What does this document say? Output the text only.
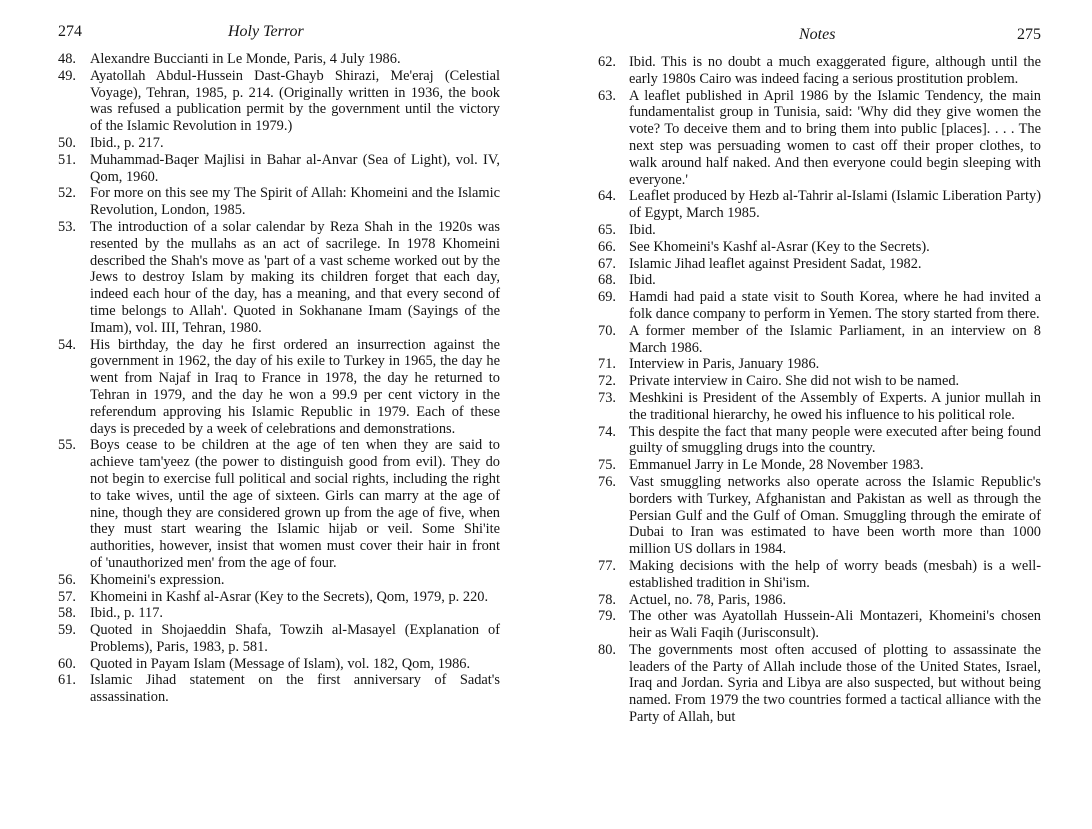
274	Holy Terror
48. Alexandre Buccianti in Le Monde, Paris, 4 July 1986.
49. Ayatollah Abdul-Hussein Dast-Ghayb Shirazi, Me'eraj (Celestial Voyage), Tehran, 1985, p. 214. (Originally written in 1936, the book was refused a publication permit by the government until the victory of the Islamic Revolution in 1979.)
50. Ibid., p. 217.
51. Muhammad-Baqer Majlisi in Bahar al-Anvar (Sea of Light), vol. IV, Qom, 1960.
52. For more on this see my The Spirit of Allah: Khomeini and the Islamic Revolution, London, 1985.
53. The introduction of a solar calendar by Reza Shah in the 1920s was resented by the mullahs as an act of sacrilege. In 1978 Khomeini described the Shah's move as 'part of a vast scheme worked out by the Jews to destroy Islam by making its children forget that each day, indeed each hour of the day, has a meaning, and that every second of time belongs to Allah'. Quoted in Sokhanane Imam (Sayings of the Imam), vol. III, Tehran, 1980.
54. His birthday, the day he first ordered an insurrection against the government in 1962, the day of his exile to Turkey in 1965, the day he went from Najaf in Iraq to France in 1978, the day he returned to Tehran in 1979, and the day he won a 99.9 per cent victory in the referendum approving his Islamic Republic in 1979. Each of these days is preceded by a week of celebrations and demonstrations.
55. Boys cease to be children at the age of ten when they are said to achieve tam'yeez (the power to distinguish good from evil). They do not begin to exercise full political and social rights, including the right to take wives, until the age of sixteen. Girls can marry at the age of nine, though they are considered grown up from the age of five, when they must start wearing the Islamic hijab or veil. Some Shi'ite authorities, however, insist that women must cover their hair in front of 'unauthorized men' from the age of four.
56. Khomeini's expression.
57. Khomeini in Kashf al-Asrar (Key to the Secrets), Qom, 1979, p. 220.
58. Ibid., p. 117.
59. Quoted in Shojaeddin Shafa, Towzih al-Masayel (Explanation of Problems), Paris, 1983, p. 581.
60. Quoted in Payam Islam (Message of Islam), vol. 182, Qom, 1986.
61. Islamic Jihad statement on the first anniversary of Sadat's assassination.
Notes	275
62. Ibid. This is no doubt a much exaggerated figure, although until the early 1980s Cairo was indeed facing a serious prostitution problem.
63. A leaflet published in April 1986 by the Islamic Tendency, the main fundamentalist group in Tunisia, said: 'Why did they give women the vote? To deceive them and to bring them into public [places]. . . . The next step was persuading women to cast off their proper clothes, to walk around half naked. And then everyone could begin sleeping with everyone.'
64. Leaflet produced by Hezb al-Tahrir al-Islami (Islamic Liberation Party) of Egypt, March 1985.
65. Ibid.
66. See Khomeini's Kashf al-Asrar (Key to the Secrets).
67. Islamic Jihad leaflet against President Sadat, 1982.
68. Ibid.
69. Hamdi had paid a state visit to South Korea, where he had invited a folk dance company to perform in Yemen. The story started from there.
70. A former member of the Islamic Parliament, in an interview on 8 March 1986.
71. Interview in Paris, January 1986.
72. Private interview in Cairo. She did not wish to be named.
73. Meshkini is President of the Assembly of Experts. A junior mullah in the traditional hierarchy, he owed his influence to his political role.
74. This despite the fact that many people were executed after being found guilty of smuggling drugs into the country.
75. Emmanuel Jarry in Le Monde, 28 November 1983.
76. Vast smuggling networks also operate across the Islamic Republic's borders with Turkey, Afghanistan and Pakistan as well as through the Persian Gulf and the Gulf of Oman. Smuggling through the emirate of Dubai to Iran was estimated to have been worth more than 1000 million US dollars in 1984.
77. Making decisions with the help of worry beads (mesbah) is a well-established tradition in Shi'ism.
78. Actuel, no. 78, Paris, 1986.
79. The other was Ayatollah Hussein-Ali Montazeri, Khomeini's chosen heir as Wali Faqih (Jurisconsult).
80. The governments most often accused of plotting to assassinate the leaders of the Party of Allah include those of the United States, Israel, Iraq and Jordan. Syria and Libya are also suspected, but without being named. From 1979 the two countries formed a tactical alliance with the Party of Allah, but
